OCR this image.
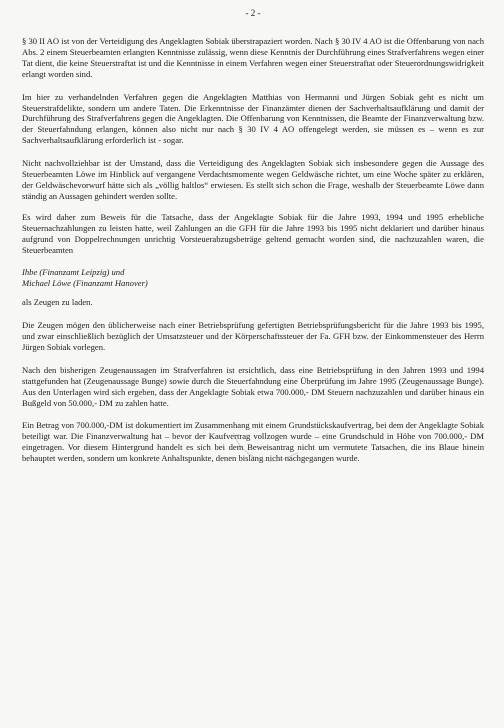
- 2 -

§ 30 II AO ist von der Verteidigung des Angeklagten Sobiak überstrapaziert worden. Nach § 30 IV 4 AO ist die Offenbarung von nach Abs. 2 einem Steuerbeamten erlangten Kenntnisse zulässig, wenn diese Kenntnis der Durchführung eines Strafverfahrens wegen einer Tat dient, die keine Steuerstraftat ist und die Kenntnisse in einem Verfahren wegen einer Steuerstraftat oder Steuerordnungswidrigkeit erlangt worden sind.

Im hier zu verhandelnden Verfahren gegen die Angeklagten Matthias von Hermanni und Jürgen Sobiak geht es nicht um Steuerstrafdelikte, sondern um andere Taten. Die Erkenntnisse der Finanzämter dienen der Sachverhaltsaufklärung und damit der Durchführung des Strafverfahrens gegen die Angeklagten. Die Offenbarung von Kenntnissen, die Beamte der Finanzverwaltung bzw. der Steuerfahndung erlangen, können also nicht nur nach § 30 IV 4 AO offengelegt werden, sie müssen es – wenn es zur Sachverhaltsaufklärung erforderlich ist - sogar.

Nicht nachvollziehbar ist der Umstand, dass die Verteidigung des Angeklagten Sobiak sich insbesondere gegen die Aussage des Steuerbeamten Löwe im Hinblick auf vergangene Verdachtsmomente wegen Geldwäsche richtet, um eine Woche später zu erklären, der Geldwäschevorwurf hätte sich als „völlig haltlos“ erwiesen. Es stellt sich schon die Frage, weshalb der Steuerbeamte Löwe dann ständig an Aussagen gehindert werden sollte.

Es wird daher zum Beweis für die Tatsache, dass der Angeklagte Sobiak für die Jahre 1993, 1994 und 1995 erhebliche Steuernachzahlungen zu leisten hatte, weil Zahlungen an die GFH für die Jahre 1993 bis 1995 nicht deklariert und darüber hinaus aufgrund von Doppelrechnungen unrichtig Vorsteuerabzugsbeträge geltend gemacht worden sind, die nachzuzahlen waren, die Steuerbeamten

Ihbe (Finanzamt Leipzig) und
Michael Löwe (Finanzamt Hanover)

als Zeugen zu laden.

Die Zeugen mögen den üblicherweise nach einer Betriebsprüfung gefertigten Betriebsprüfungsbericht für die Jahre 1993 bis 1995, und zwar einschließlich bezüglich der Umsatzsteuer und der Körperschaftssteuer der Fa. GFH bzw. der Einkommensteuer des Herrn Jürgen Sobiak vorlegen.

Nach den bisherigen Zeugenaussagen im Strafverfahren ist ersichtlich, dass eine Betriebsprüfung in den Jahren 1993 und 1994 stattgefunden hat (Zeugenaussage Bunge) sowie durch die Steuerfahndung eine Überprüfung im Jahre 1995 (Zeugenaussage Bunge). Aus den Unterlagen wird sich ergeben, dass der Angeklagte Sobiak etwa 700.000,- DM Steuern nachzuzahlen und darüber hinaus ein Bußgeld von 50.000,- DM zu zahlen hatte.

Ein Betrag von 700.000,-DM ist dokumentiert im Zusammenhang mit einem Grundstückskaufvertrag, bei dem der Angeklagte Sobiak beteiligt war. Die Finanzverwaltung hat – bevor der Kaufvertrag vollzogen wurde – eine Grundschuld in Höhe von 700.000,- DM eingetragen. Vor diesem Hintergrund handelt es sich bei dem Beweisantrag nicht um vermutete Tatsachen, die ins Blaue hinein behauptet werden, sondern um konkrete Anhaltspunkte, denen bislang nicht nachgegangen wurde.
